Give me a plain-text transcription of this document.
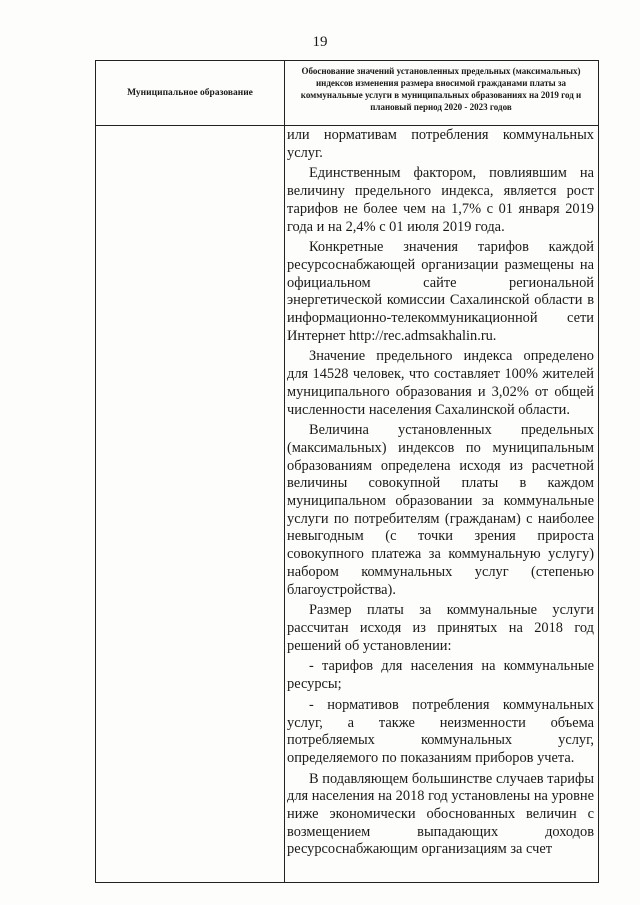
19
Муниципальное образование
Обоснование значений установленных предельных (максимальных) индексов изменения размера вносимой гражданами платы за коммунальные услуги в муниципальных образованиях на 2019 год и плановый период 2020 - 2023 годов

или нормативам потребления коммунальных услуг.

Единственным фактором, повлиявшим на величину предельного индекса, является рост тарифов не более чем на 1,7% с 01 января 2019 года и на 2,4% с 01 июля 2019 года.

Конкретные значения тарифов каждой ресурсоснабжающей организации размещены на официальном сайте региональной энергетической комиссии Сахалинской области в информационно-телекоммуникационной сети Интернет http://rec.admsakhalin.ru.

Значение предельного индекса определено для 14528 человек, что составляет 100% жителей муниципального образования и 3,02% от общей численности населения Сахалинской области.

Величина установленных предельных (максимальных) индексов по муниципальным образованиям определена исходя из расчетной величины совокупной платы в каждом муниципальном образовании за коммунальные услуги по потребителям (гражданам) с наиболее невыгодным (с точки зрения прироста совокупного платежа за коммунальную услугу) набором коммунальных услуг (степенью благоустройства).

Размер платы за коммунальные услуги рассчитан исходя из принятых на 2018 год решений об установлении:

- тарифов для населения на коммунальные ресурсы;

- нормативов потребления коммунальных услуг, а также неизменности объема потребляемых коммунальных услуг, определяемого по показаниям приборов учета.

В подавляющем большинстве случаев тарифы для населения на 2018 год установлены на уровне ниже экономически обоснованных величин с возмещением выпадающих доходов ресурсоснабжающим организациям за счет
